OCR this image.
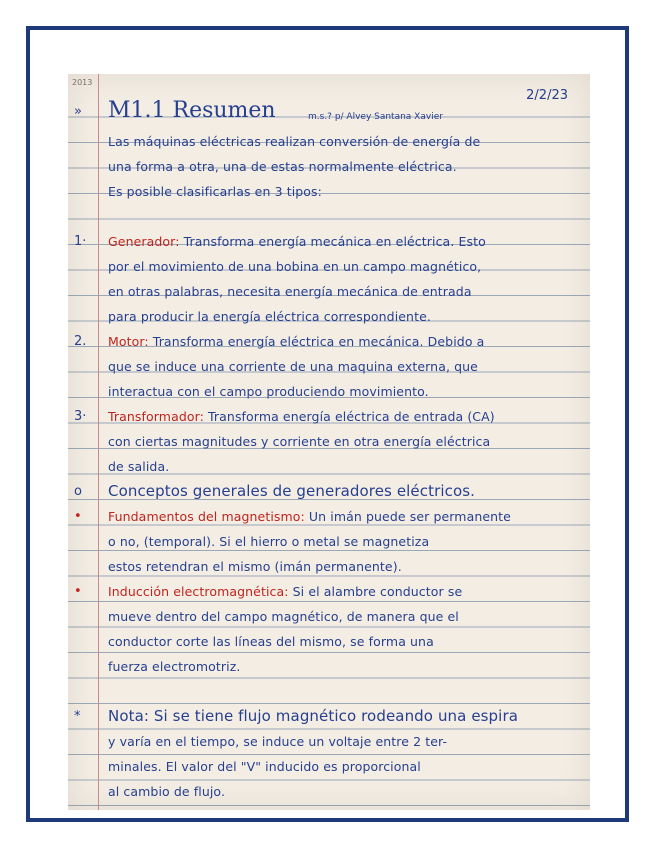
2013
2/2/23
» M1.1 Resumen	m.s.? p/ Alvey Santana Xavier
Las máquinas eléctricas realizan conversión de energía de
una forma a otra, una de estas normalmente eléctrica.
Es posible clasificarlas en 3 tipos:
1· Generador: Transforma energía mecánica en eléctrica. Esto
por el movimiento de una bobina en un campo magnético,
en otras palabras, necesita energía mecánica de entrada
para producir la energía eléctrica correspondiente.
2. Motor: Transforma energía eléctrica en mecánica. Debido a
que se induce una corriente de una maquina externa, que
interactua con el campo produciendo movimiento.
3· Transformador: Transforma energía eléctrica de entrada (CA)
con ciertas magnitudes y corriente en otra energía eléctrica
de salida.
o Conceptos generales de generadores eléctricos.
• Fundamentos del magnetismo: Un imán puede ser permanente
o no, (temporal). Si el hierro o metal se magnetiza
estos retendran el mismo (imán permanente).
• Inducción electromagnética: Si el alambre conductor se
mueve dentro del campo magnético, de manera que el
conductor corte las líneas del mismo, se forma una
fuerza electromotriz.
* Nota: Si se tiene flujo magnético rodeando una espira
y varía en el tiempo, se induce un voltaje entre 2 ter-
minales. El valor del "V" inducido es proporcional
al cambio de flujo.
